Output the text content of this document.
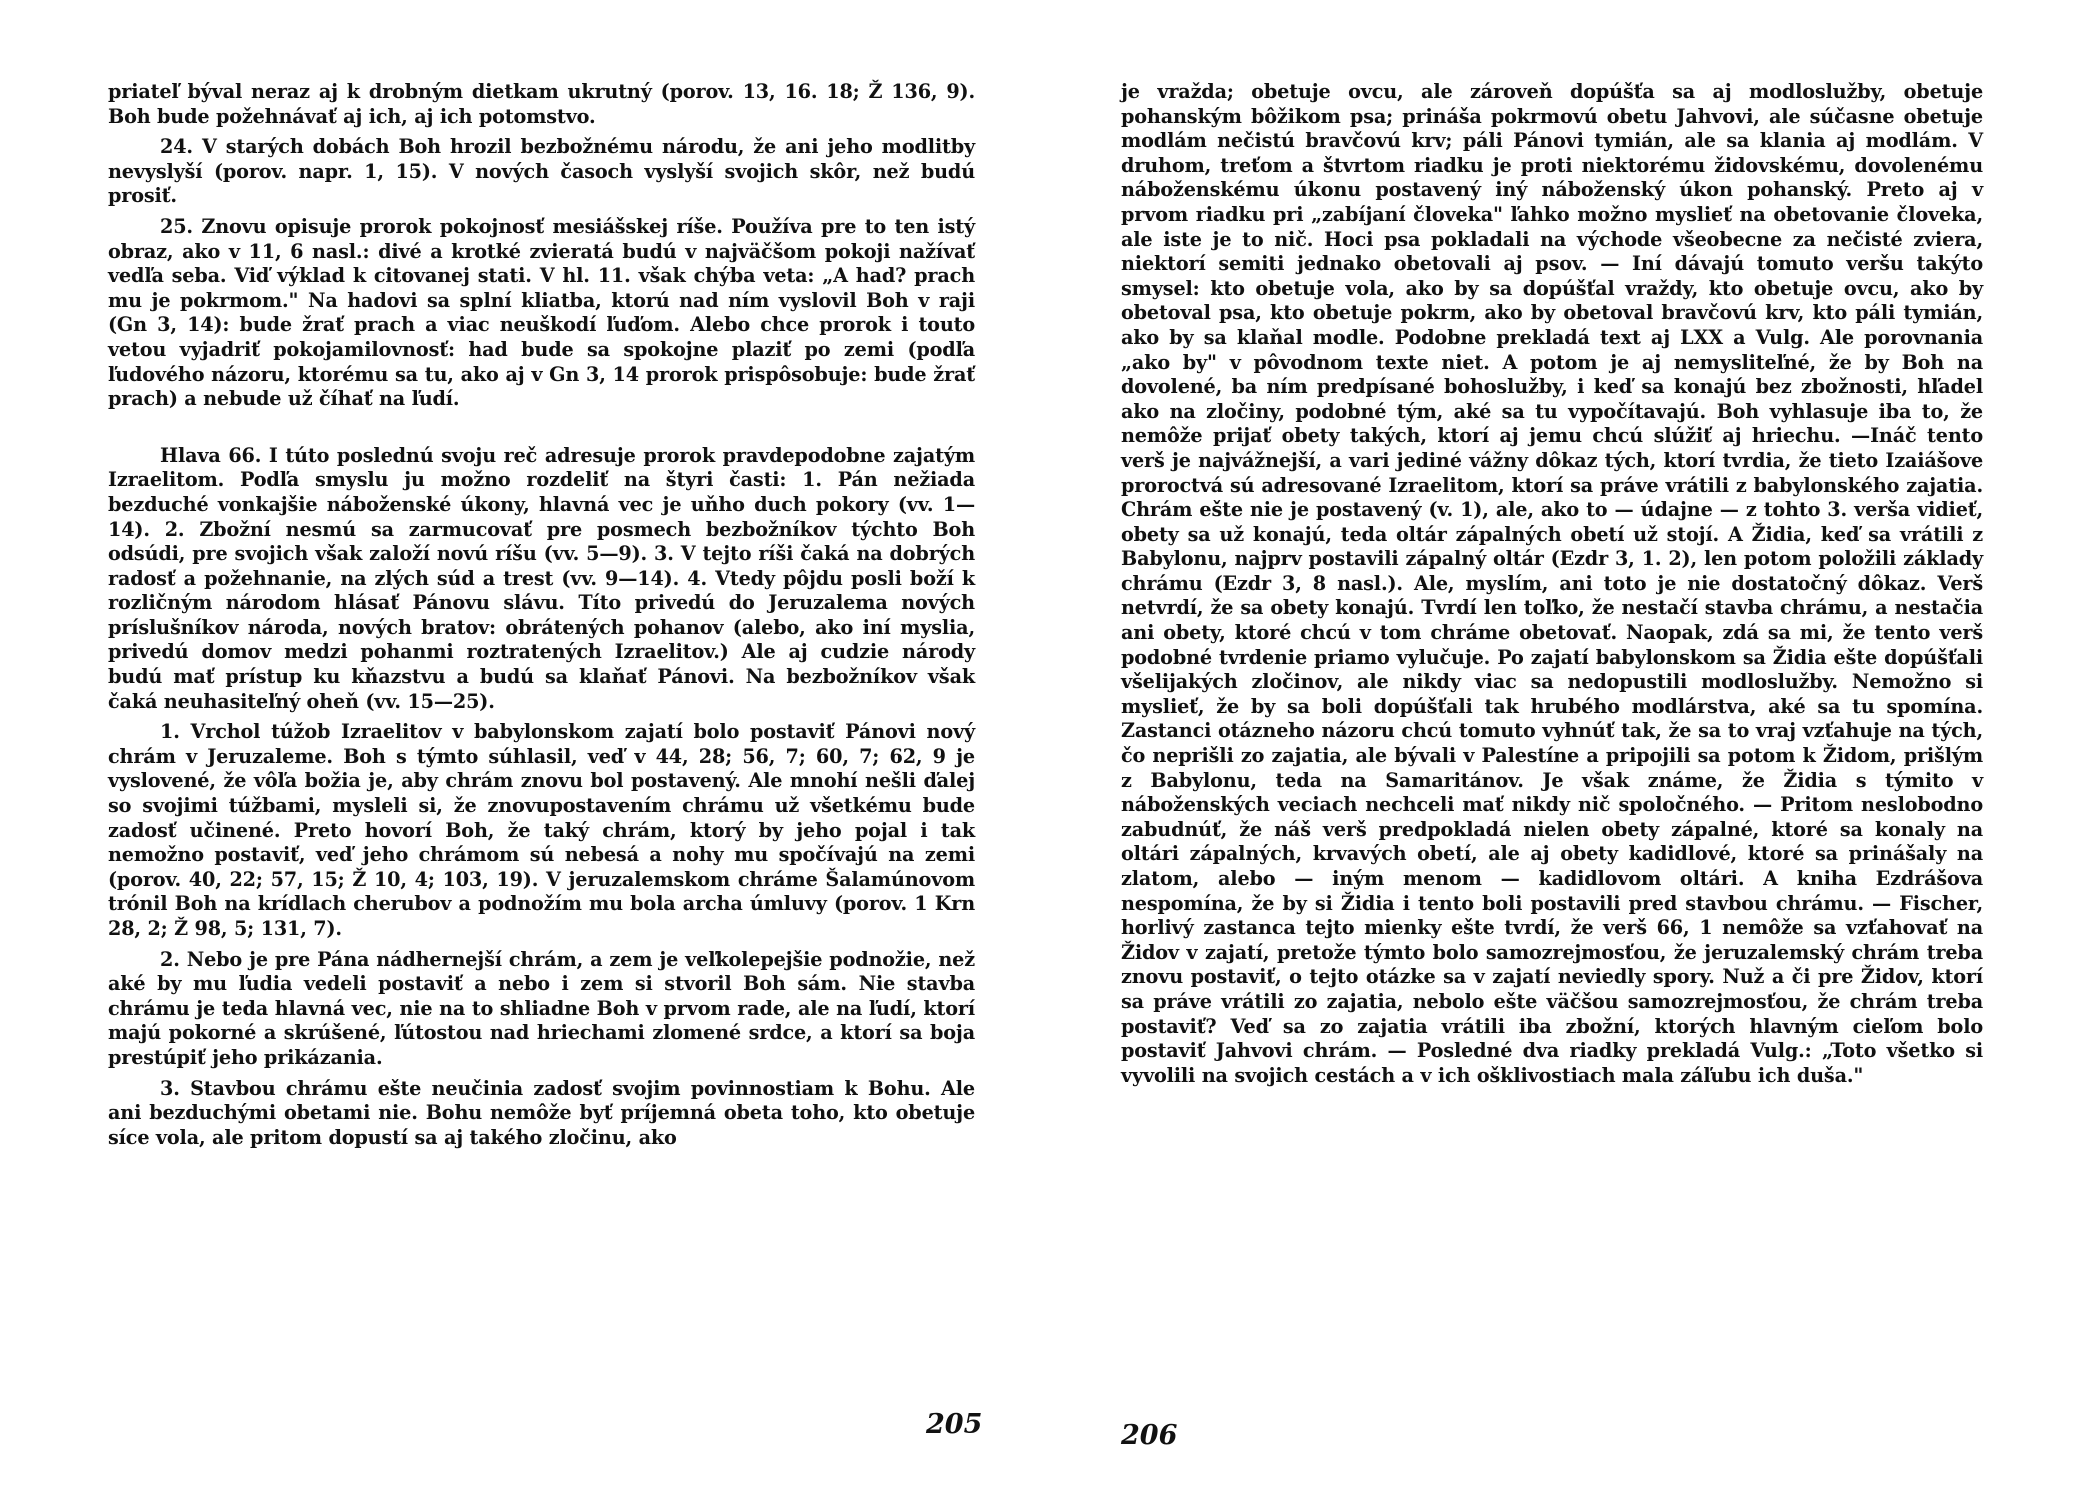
priateľ býval neraz aj k drobným dietkam ukrutný (porov. 13, 16. 18; Ž 136, 9). Boh bude požehnávať aj ich, aj ich potomstvo.

24. V starých dobách Boh hrozil bezbožnému národu, že ani jeho modlitby nevyslyší (porov. napr. 1, 15). V nových časoch vyslyší svojich skôr, než budú prosiť.

25. Znovu opisuje prorok pokojnosť mesiášskej ríše. Používa pre to ten istý obraz, ako v 11, 6 nasl.: divé a krotké zvieratá budú v najväčšom pokoji nažívať vedľa seba. Viď výklad k citovanej stati. V hl. 11. však chýba veta: „A had? prach mu je pokrmom." Na hadovi sa splní kliatba, ktorú nad ním vyslovil Boh v raji (Gn 3, 14): bude žrať prach a viac neuškodí ľuďom. Alebo chce prorok i touto vetou vyjadriť pokojamilovnosť: had bude sa spokojne plaziť po zemi (podľa ľudového názoru, ktorému sa tu, ako aj v Gn 3, 14 prorok prispôsobuje: bude žrať prach) a nebude už číhať na ľudí.

Hlava 66. I túto poslednú svoju reč adresuje prorok pravdepodobne zajatým Izraelitom. Podľa smyslu ju možno rozdeliť na štyri časti: 1. Pán nežiada bezduché vonkajšie náboženské úkony, hlavná vec je uňho duch pokory (vv. 1—14). 2. Zbožní nesmú sa zarmucovať pre posmech bezbožníkov týchto Boh odsúdi, pre svojich však založí novú ríšu (vv. 5—9). 3. V tejto ríši čaká na dobrých radosť a požehnanie, na zlých súd a trest (vv. 9—14). 4. Vtedy pôjdu posli boží k rozličným národom hlásať Pánovu slávu. Títo privedú do Jeruzalema nových príslušníkov národa, nových bratov: obrátených pohanov (alebo, ako iní myslia, privedú domov medzi pohanmi roztratených Izraelitov.) Ale aj cudzie národy budú mať prístup ku kňazstvu a budú sa klaňať Pánovi. Na bezbožníkov však čaká neuhasiteľný oheň (vv. 15—25).

1. Vrchol túžob Izraelitov v babylonskom zajatí bolo postaviť Pánovi nový chrám v Jeruzaleme. Boh s týmto súhlasil, veď v 44, 28; 56, 7; 60, 7; 62, 9 je vyslovené, že vôľa božia je, aby chrám znovu bol postavený. Ale mnohí nešli ďalej so svojimi túžbami, mysleli si, že znovupostavením chrámu už všetkému bude zadosť učinené. Preto hovorí Boh, že taký chrám, ktorý by jeho pojal i tak nemožno postaviť, veď jeho chrámom sú nebesá a nohy mu spočívajú na zemi (porov. 40, 22; 57, 15; Ž 10, 4; 103, 19). V jeruzalemskom chráme Šalamúnovom trónil Boh na krídlach cherubov a podnožím mu bola archa úmluvy (porov. 1 Krn 28, 2; Ž 98, 5; 131, 7).

2. Nebo je pre Pána nádhernejší chrám, a zem je veľkolepejšie podnožie, než aké by mu ľudia vedeli postaviť a nebo i zem si stvoril Boh sám. Nie stavba chrámu je teda hlavná vec, nie na to shliadne Boh v prvom rade, ale na ľudí, ktorí majú pokorné a skrúšené, ľútostou nad hriechami zlomené srdce, a ktorí sa boja prestúpiť jeho prikázania.

3. Stavbou chrámu ešte neučinia zadosť svojim povinnostiam k Bohu. Ale ani bezduchými obetami nie. Bohu nemôže byť príjemná obeta toho, kto obetuje síce vola, ale pritom dopustí sa aj takého zločinu, ako

205

je vražda; obetuje ovcu, ale zároveň dopúšťa sa aj modloslužby, obetuje pohanským bôžikom psa; prináša pokrmovú obetu Jahvovi, ale súčasne obetuje modlám nečistú bravčovú krv; páli Pánovi tymián, ale sa klania aj modlám. V druhom, treťom a štvrtom riadku je proti niektorému židovskému, dovolenému náboženskému úkonu postavený iný náboženský úkon pohanský. Preto aj v prvom riadku pri „zabíjaní človeka" ľahko možno myslieť na obetovanie človeka, ale iste je to nič. Hoci psa pokladali na východe všeobecne za nečisté zviera, niektorí semiti jednako obetovali aj psov. — Iní dávajú tomuto veršu takýto smysel: kto obetuje vola, ako by sa dopúšťal vraždy, kto obetuje ovcu, ako by obetoval psa, kto obetuje pokrm, ako by obetoval bravčovú krv, kto páli tymián, ako by sa klaňal modle. Podobne prekladá text aj LXX a Vulg. Ale porovnania „ako by" v pôvodnom texte niet. A potom je aj nemysliteľné, že by Boh na dovolené, ba ním predpísané bohoslužby, i keď sa konajú bez zbožnosti, hľadel ako na zločiny, podobné tým, aké sa tu vypočítavajú. Boh vyhlasuje iba to, že nemôže prijať obety takých, ktorí aj jemu chcú slúžiť aj hriechu. —Ináč tento verš je najvážnejší, a vari jediné vážny dôkaz tých, ktorí tvrdia, že tieto Izaiášove proroctvá sú adresované Izraelitom, ktorí sa práve vrátili z babylonského zajatia. Chrám ešte nie je postavený (v. 1), ale, ako to — údajne — z tohto 3. verša vidieť, obety sa už konajú, teda oltár zápalných obetí už stojí. A Židia, keď sa vrátili z Babylonu, najprv postavili zápalný oltár (Ezdr 3, 1. 2), len potom položili základy chrámu (Ezdr 3, 8 nasl.). Ale, myslím, ani toto je nie dostatočný dôkaz. Verš netvrdí, že sa obety konajú. Tvrdí len toľko, že nestačí stavba chrámu, a nestačia ani obety, ktoré chcú v tom chráme obetovať. Naopak, zdá sa mi, že tento verš podobné tvrdenie priamo vylučuje. Po zajatí babylonskom sa Židia ešte dopúšťali všelijakých zločinov, ale nikdy viac sa nedopustili modloslužby. Nemožno si myslieť, že by sa boli dopúšťali tak hrubého modlárstva, aké sa tu spomína. Zastanci otázneho názoru chcú tomuto vyhnúť tak, že sa to vraj vzťahuje na tých, čo neprišli zo zajatia, ale bývali v Palestíne a pripojili sa potom k Židom, prišlým z Babylonu, teda na Samaritánov. Je však známe, že Židia s týmito v náboženských veciach nechceli mať nikdy nič spoločného. — Pritom neslobodno zabudnúť, že náš verš predpokladá nielen obety zápalné, ktoré sa konaly na oltári zápalných, krvavých obetí, ale aj obety kadidlové, ktoré sa prinášaly na zlatom, alebo — iným menom — kadidlovom oltári. A kniha Ezdrášova nespomína, že by si Židia i tento boli postavili pred stavbou chrámu. — Fischer, horlivý zastanca tejto mienky ešte tvrdí, že verš 66, 1 nemôže sa vzťahovať na Židov v zajatí, pretože týmto bolo samozrejmosťou, že jeruzalemský chrám treba znovu postaviť, o tejto otázke sa v zajatí neviedly spory. Nuž a či pre Židov, ktorí sa práve vrátili zo zajatia, nebolo ešte väčšou samozrejmosťou, že chrám treba postaviť? Veď sa zo zajatia vrátili iba zbožní, ktorých hlavným cieľom bolo postaviť Jahvovi chrám. — Posledné dva riadky prekladá Vulg.: „Toto všetko si vyvolili na svojich cestách a v ich ošklivostiach mala záľubu ich duša."

206
